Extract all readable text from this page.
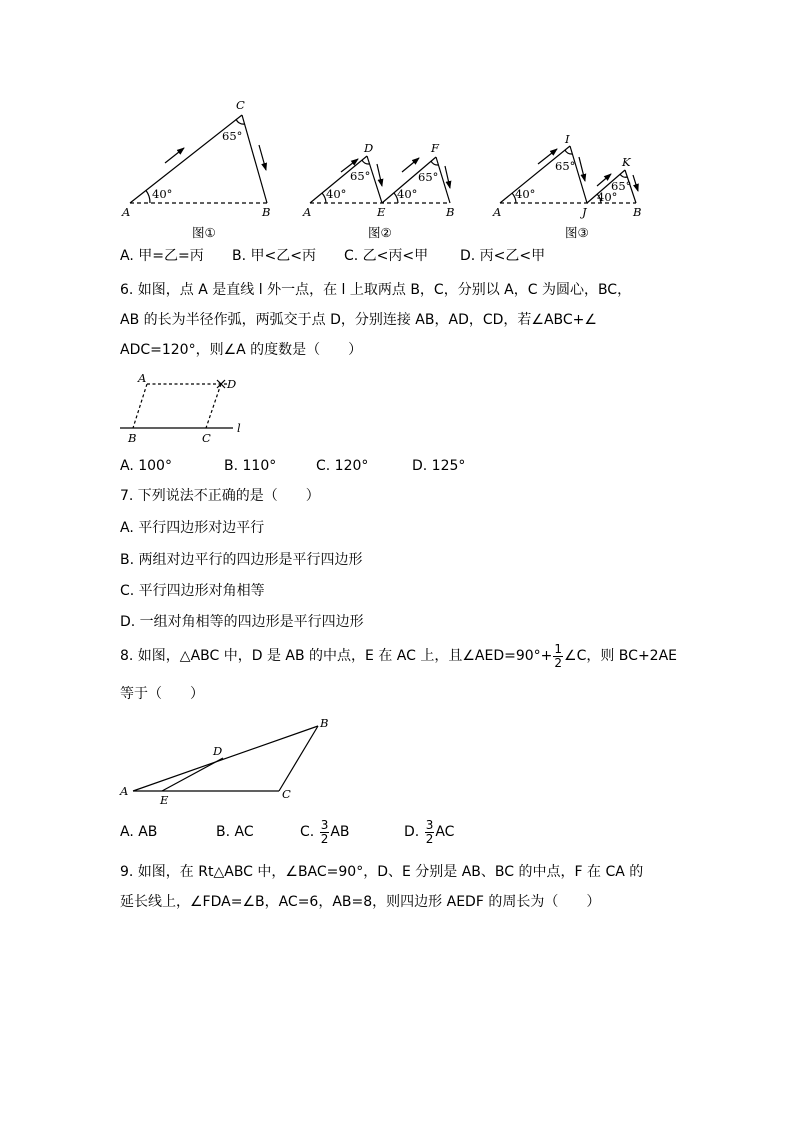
A	B
C
40°
65°
图①
A
D
E
F
B
40°
65°
40°
65°
图②
A
I
J
K
B
40°
65°
40°
65°
图③
A. 甲=乙=丙 B. 甲<乙<丙 C. 乙<丙<甲 D. 丙<乙<甲
6. 如图，点 A 是直线 l 外一点，在 l 上取两点 B，C，分别以 A，C 为圆心，BC，
AB 的长为半径作弧，两弧交于点 D，分别连接 AB，AD，CD，若∠ABC+∠
ADC=120°，则∠A 的度数是（　　）
A	D
B	C
l
A. 100°	B. 110°	C. 120°	D. 125°
7. 下列说法不正确的是（　　）
A. 平行四边形对边平行
B. 两组对边平行的四边形是平行四边形
C. 平行四边形对角相等
D. 一组对角相等的四边形是平行四边形
8. 如图，△ABC 中，D 是 AB 的中点，E 在 AC 上，且∠AED=90°+ $\frac{1}{2}$ ∠C，则 BC+2AE
等于（　　）
A
B
C
D
E
A. AB	B. AC	C. $\frac{3}{2}$ AB	D. $\frac{3}{2}$ AC
9. 如图，在 Rt△ABC 中，∠BAC=90°，D、E 分别是 AB、BC 的中点，F 在 CA 的
延长线上，∠FDA=∠B，AC=6，AB=8，则四边形 AEDF 的周长为（　　）
